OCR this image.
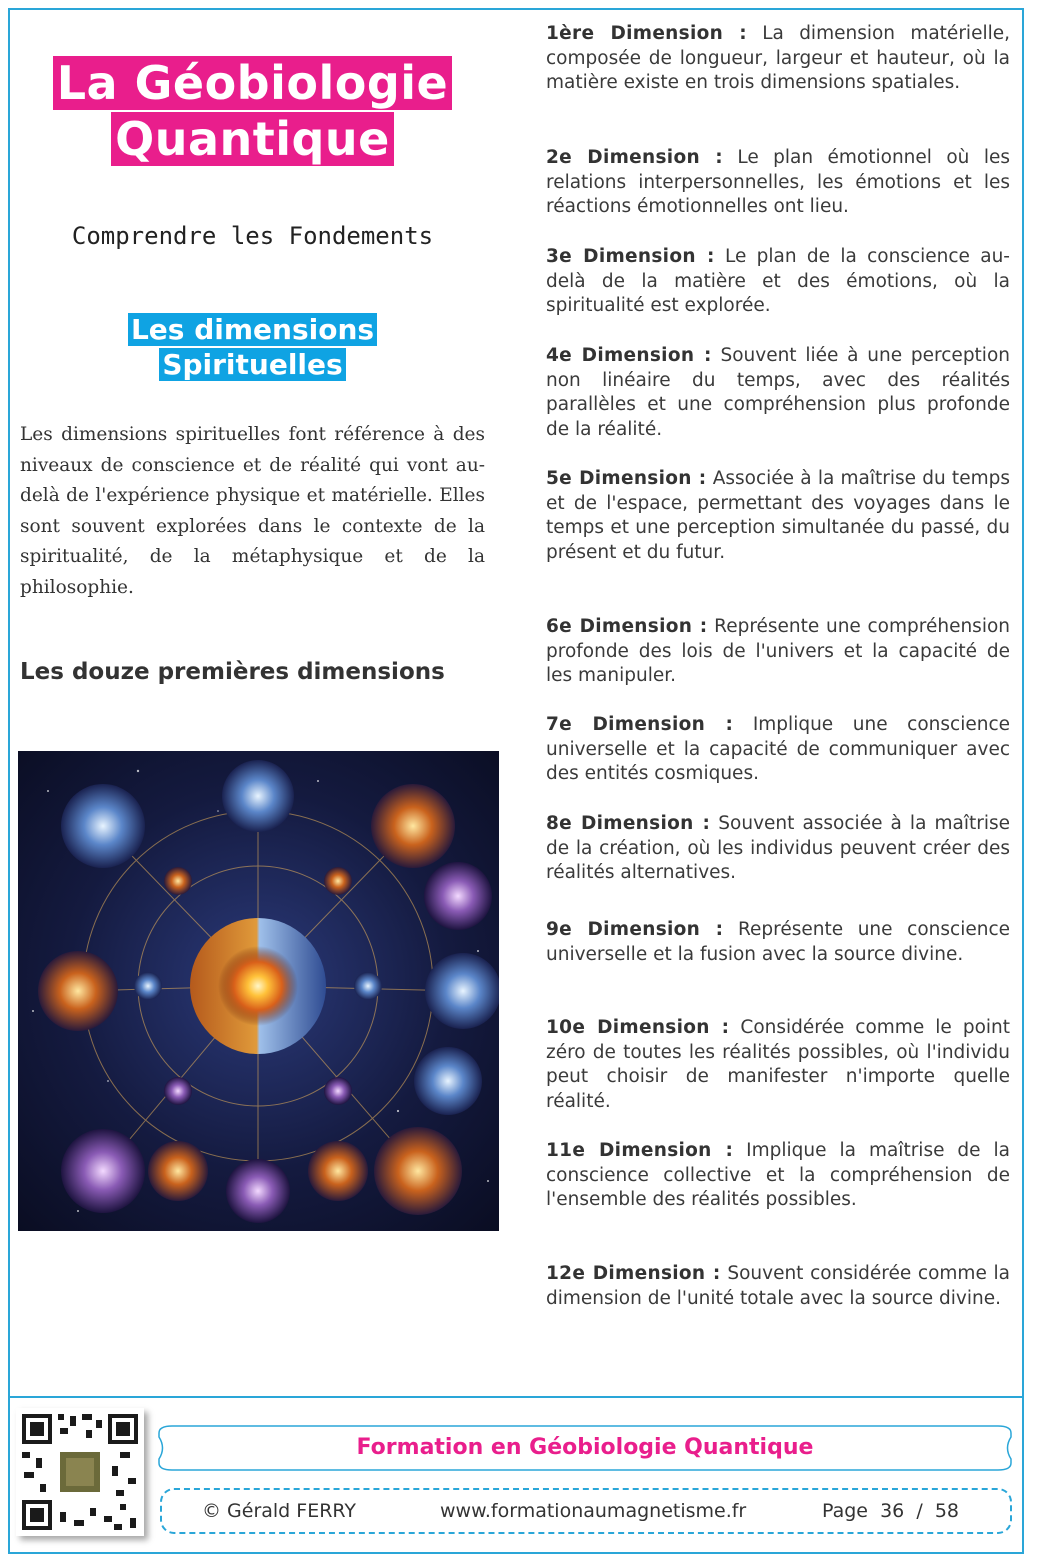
La Géobiologie
Quantique
Comprendre les Fondements
Les dimensions
Spirituelles

Les dimensions spirituelles font référence à des niveaux de conscience et de réalité qui vont au-delà de l'expérience physique et matérielle. Elles sont souvent explorées dans le contexte de la spiritualité, de la métaphysique et de la philosophie.

Les douze premières dimensions

1ère Dimension : La dimension matérielle, composée de longueur, largeur et hauteur, où la matière existe en trois dimensions spatiales.
2e Dimension : Le plan émotionnel où les relations interpersonnelles, les émotions et les réactions émotionnelles ont lieu.
3e Dimension : Le plan de la conscience au-delà de la matière et des émotions, où la spiritualité est explorée.
4e Dimension : Souvent liée à une perception non linéaire du temps, avec des réalités parallèles et une compréhension plus profonde de la réalité.
5e Dimension : Associée à la maîtrise du temps et de l'espace, permettant des voyages dans le temps et une perception simultanée du passé, du présent et du futur.
6e Dimension : Représente une compréhension profonde des lois de l'univers et la capacité de les manipuler.
7e Dimension : Implique une conscience universelle et la capacité de communiquer avec des entités cosmiques.
8e Dimension : Souvent associée à la maîtrise de la création, où les individus peuvent créer des réalités alternatives.
9e Dimension : Représente une conscience universelle et la fusion avec la source divine.
10e Dimension : Considérée comme le point zéro de toutes les réalités possibles, où l'individu peut choisir de manifester n'importe quelle réalité.
11e Dimension : Implique la maîtrise de la conscience collective et la compréhension de l'ensemble des réalités possibles.
12e Dimension : Souvent considérée comme la dimension de l'unité totale avec la source divine.
Formation en Géobiologie Quantique
© Gérald FERRY	www.formationaumagnetisme.fr	Page  36  /  58
